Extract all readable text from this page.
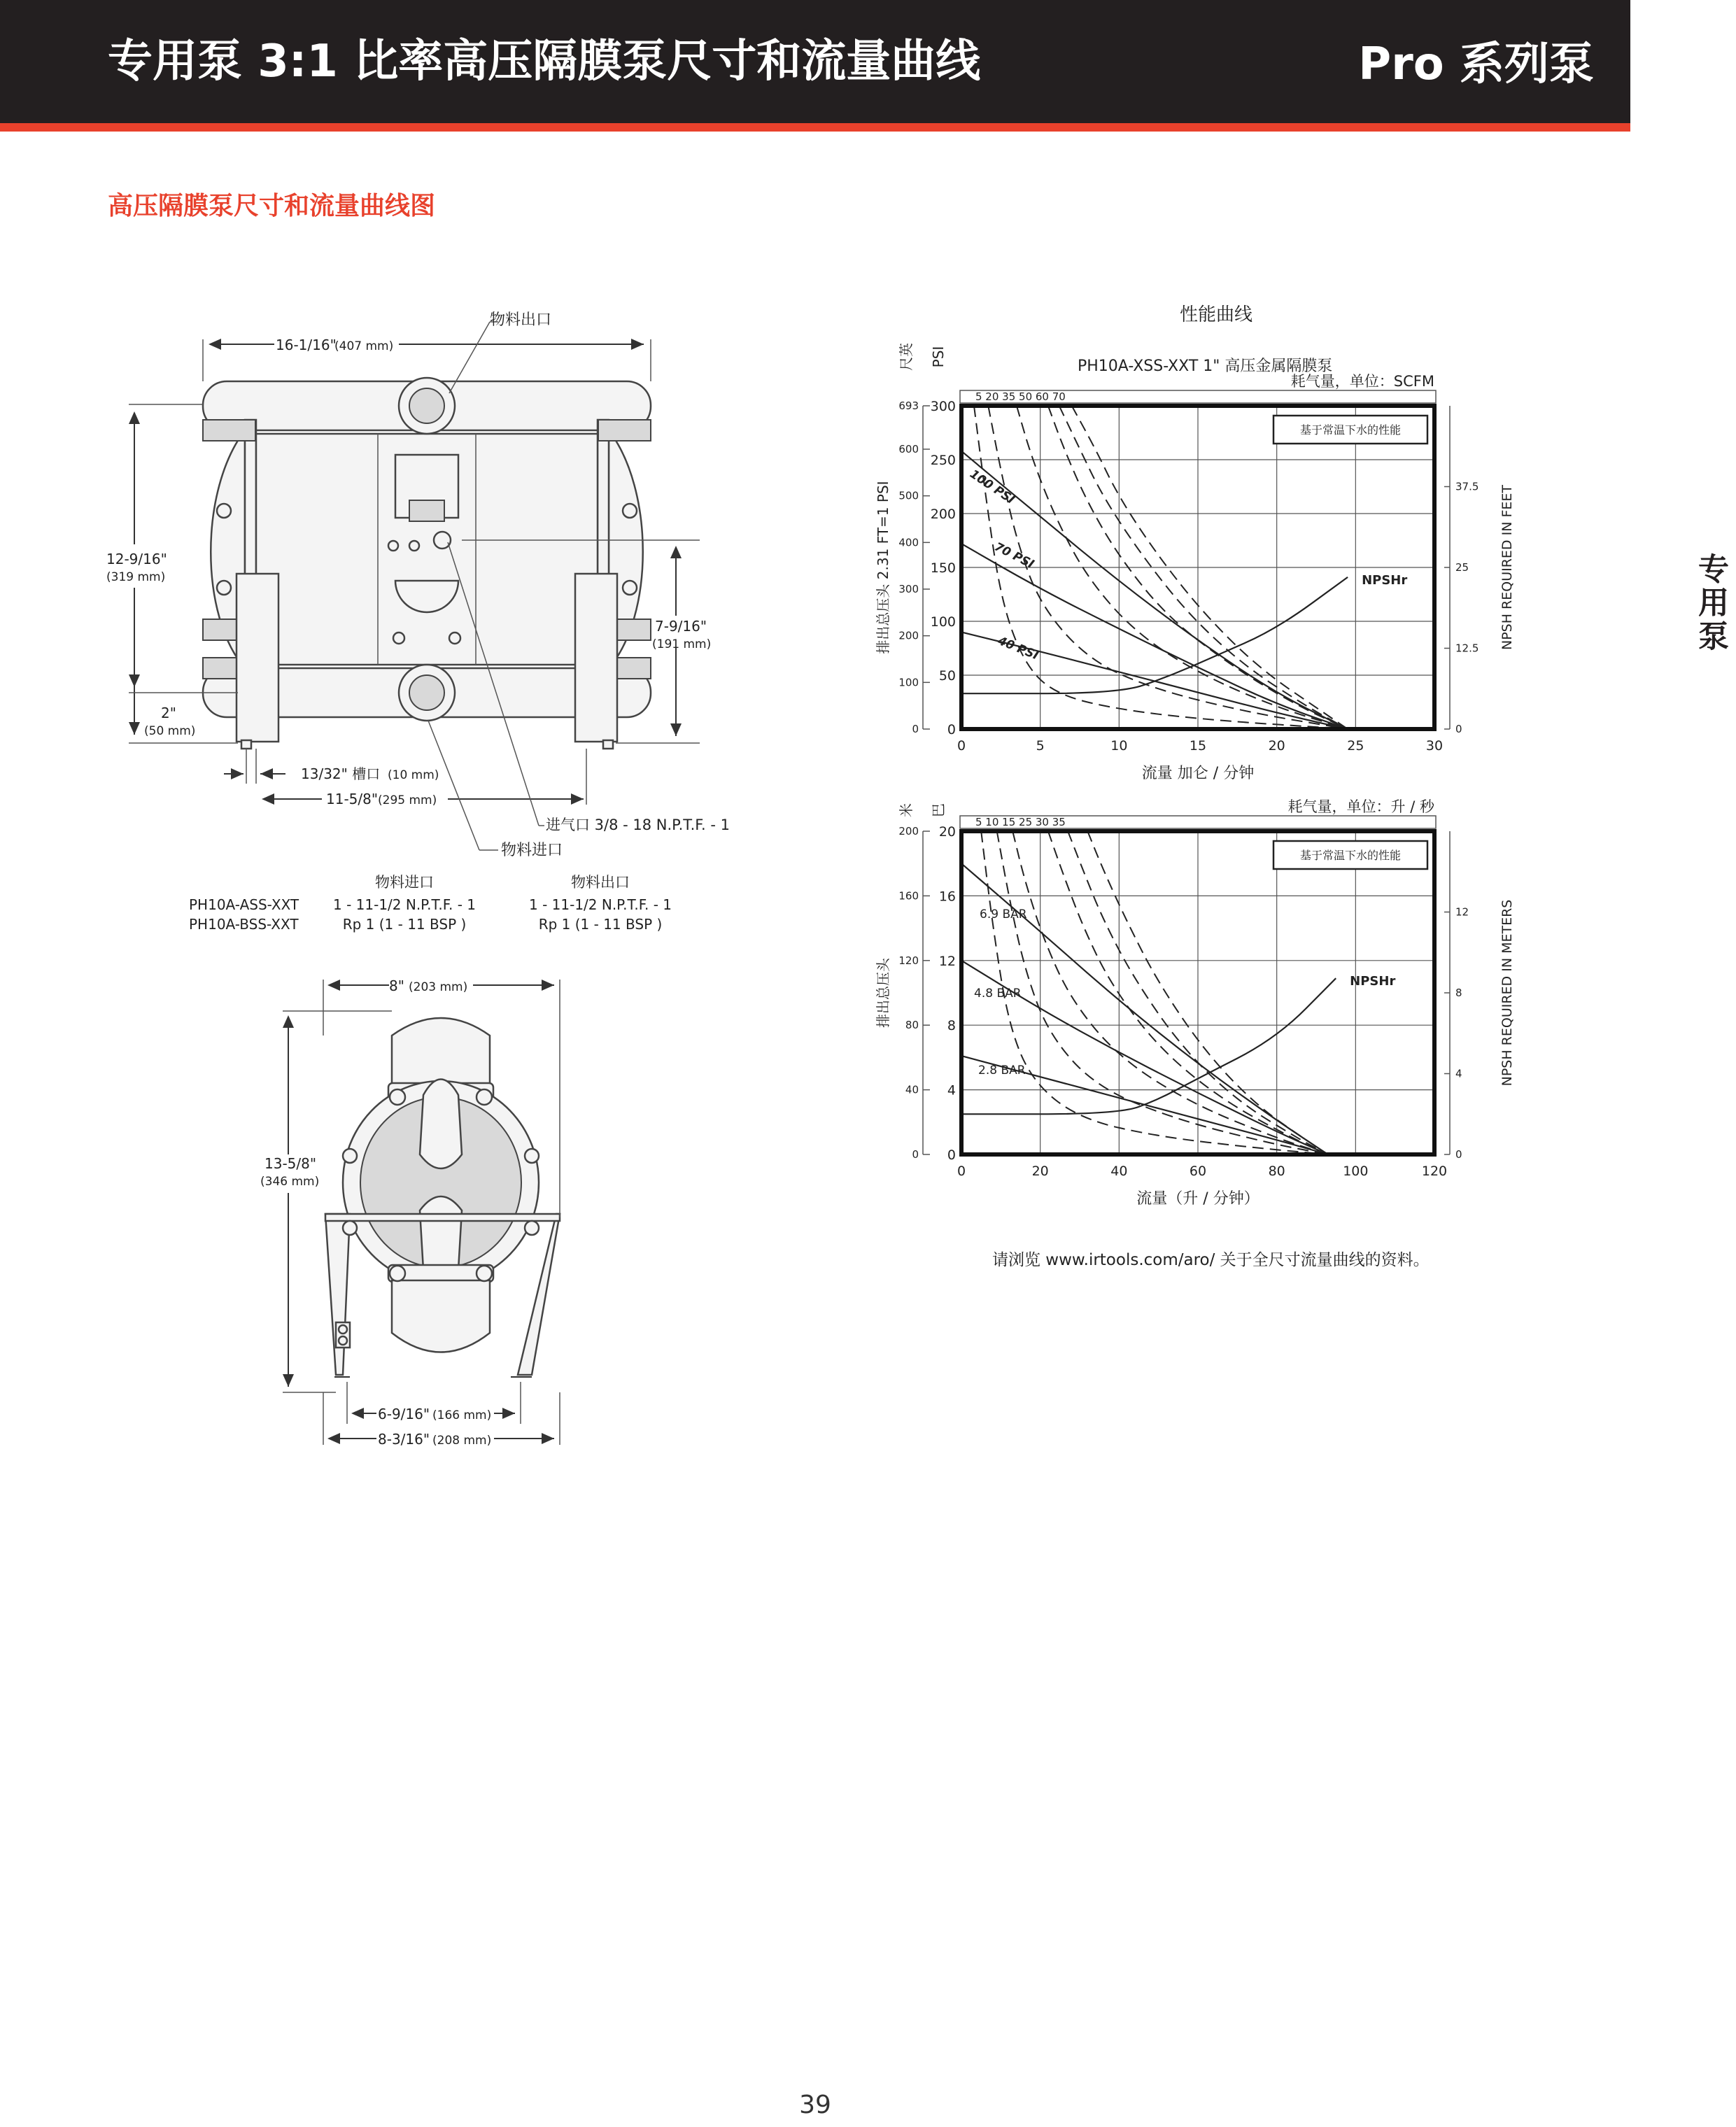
专用泵 3:1 比率高压隔膜泵尺寸和流量曲线	Pro 系列泵
高压隔膜泵尺寸和流量曲线图
专用泵
39
16-1/16"
(407 mm)
物料出口
12-9/16"
(319 mm)
7-9/16"
(191 mm)
2"
(50 mm)
13/32" 槽口 (10 mm)
11-5/8" (295 mm)
进气口 3/8 - 18 N.P.T.F. - 1
物料进口
物料进口	物料出口
PH10A-ASS-XXT 1 - 11-1/2 N.P.T.F. - 1	1 - 11-1/2 N.P.T.F. - 1
PH10A-BSS-XXT	Rp 1 (1 - 11 BSP )	Rp 1 (1 - 11 BSP )
8" (203 mm)
13-5/8"
(346 mm)
6-9/16" (166 mm)
8-3/16" (208 mm)
性能曲线
PH10A-XSS-XXT 1" 高压金属隔膜泵
请浏览 www.irtools.com/aro/ 关于全尺寸流量曲线的资料。
0	5	10	15	20	25	30
0
50
100
150
200
250
300
0
100
200
300
400
500
600
693
0
12.5
25
37.5
100 PSI
70 PSI
40 PSI
5 20 35 50 60 70
耗气量，单位：SCFM
基于常温下水的性能
NPSHr
流量 加仑 / 分钟
排出总压头 2.31 FT=1 PSI	NPSH REQUIRED IN FEET
尺英 PSI
0	20	40	60	80	100	120
0
4
8
12
16
20
0
40
80
120
160
200
0
4
8
12
6.9 BAR
4.8 BAR
2.8 BAR
5 10 15 25 30 35
耗气量，单位：升 / 秒
基于常温下水的性能
NPSHr
流量（升 / 分钟）
排出总压头	NPSH REQUIRED IN METERS
米 巴
